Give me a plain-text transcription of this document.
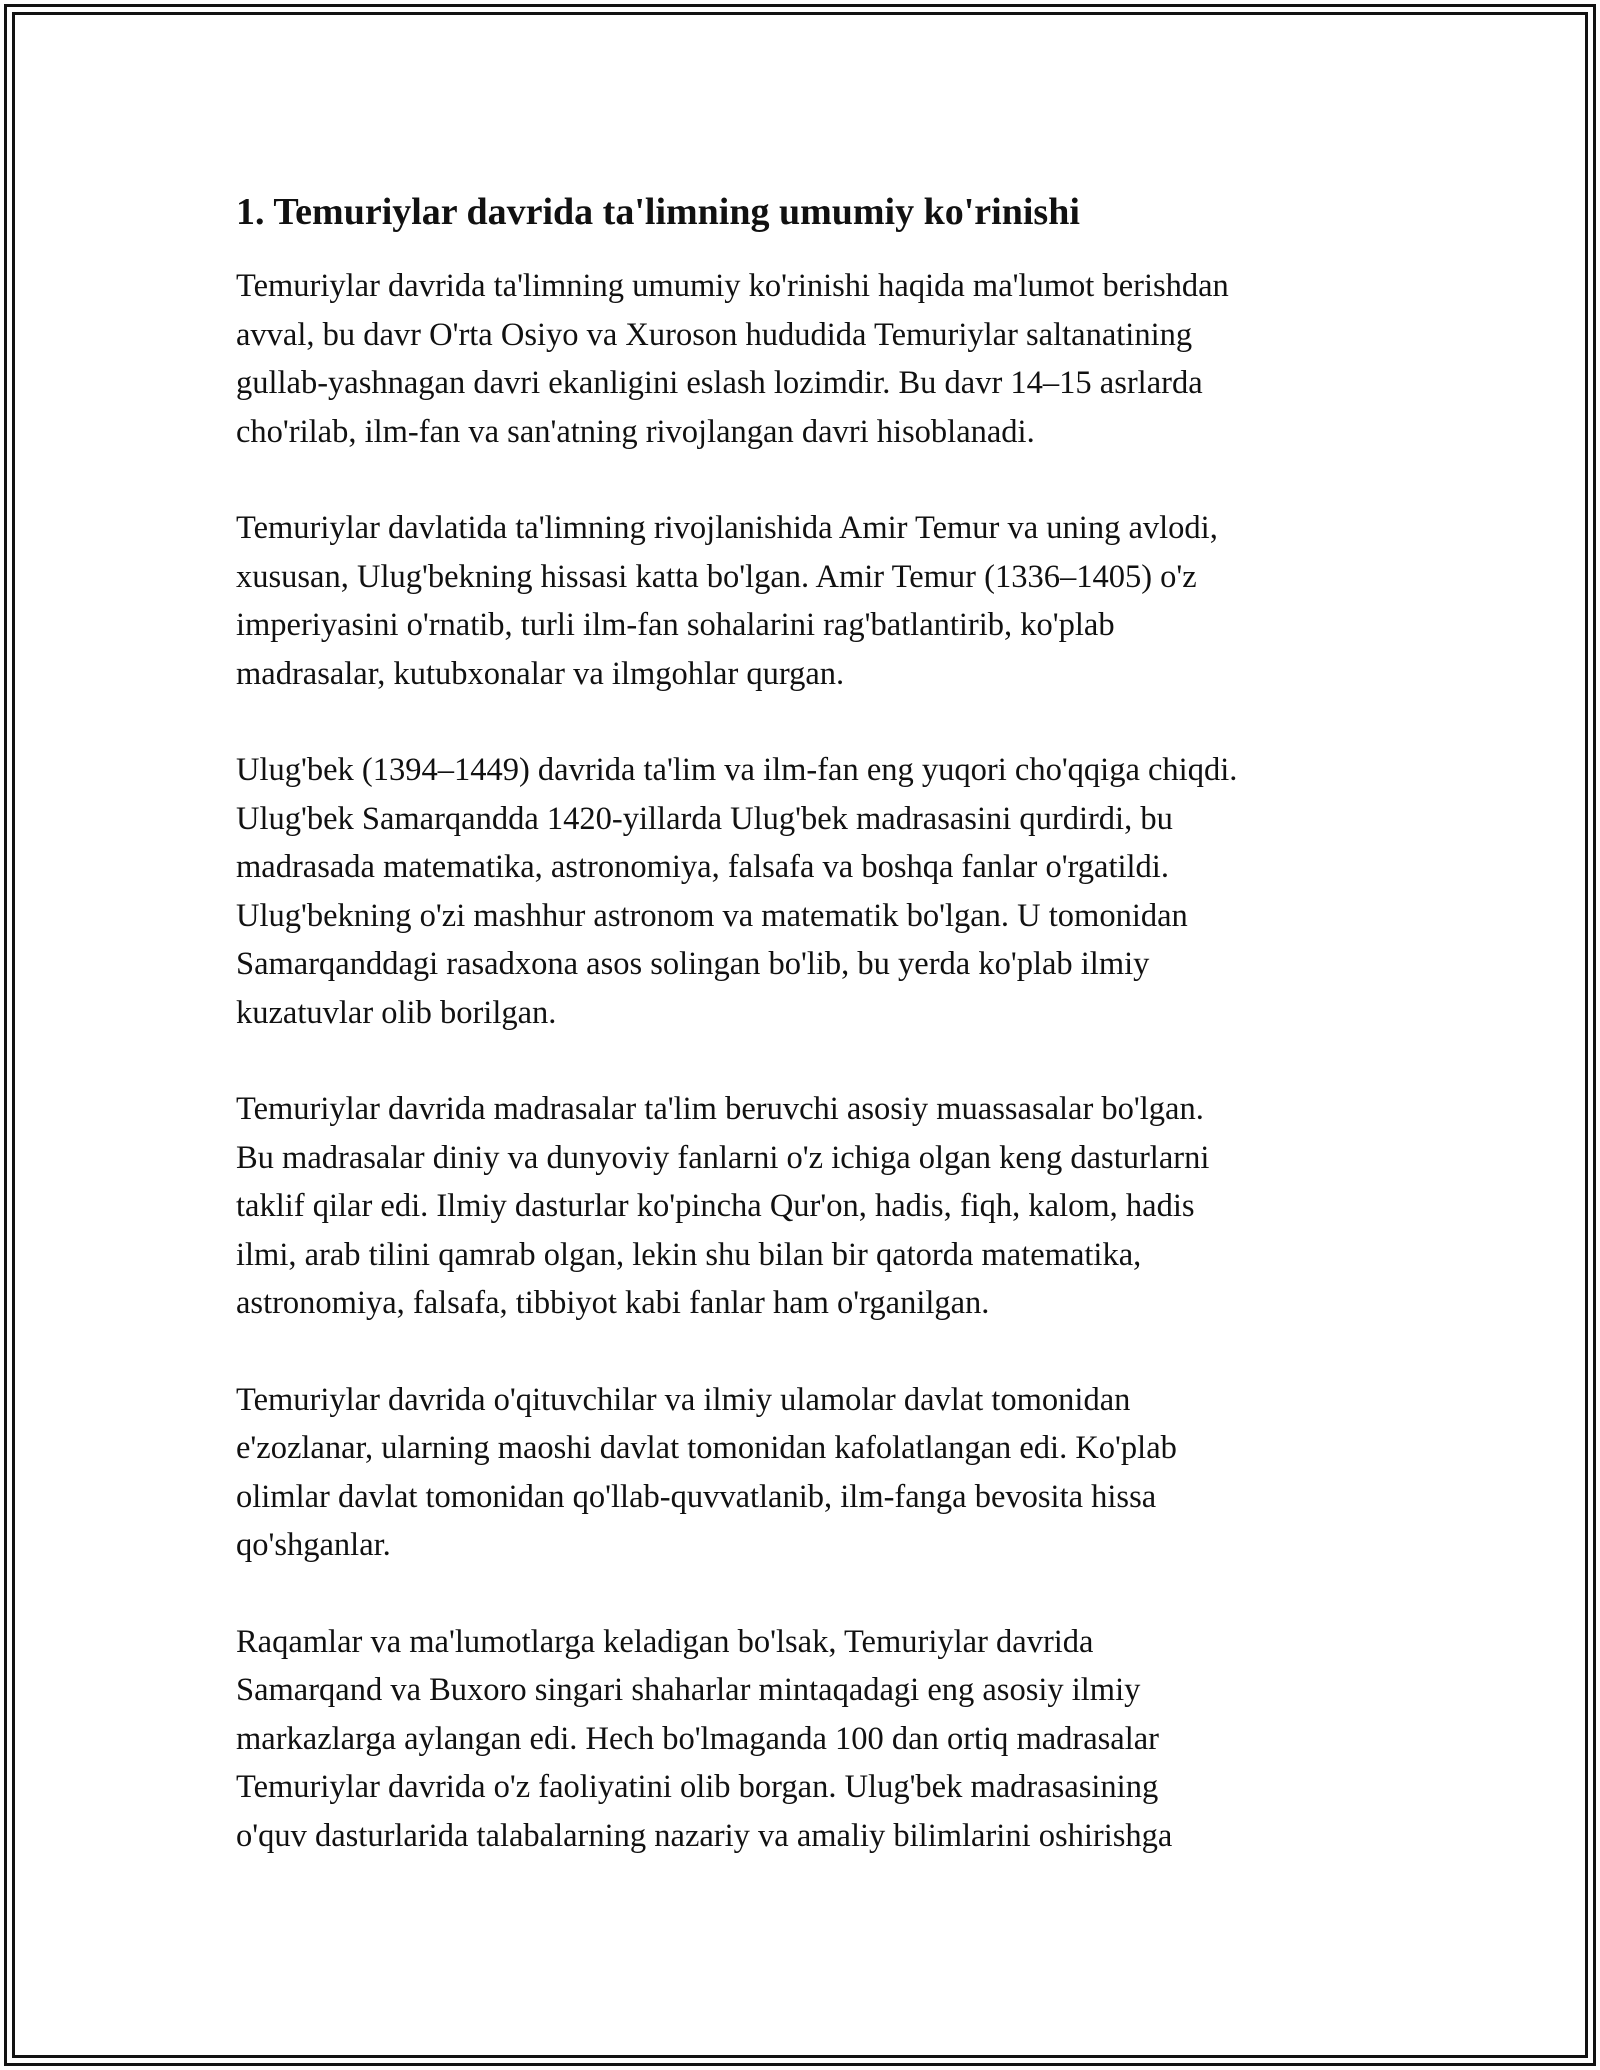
1. Temuriylar davrida ta'limning umumiy ko'rinishi

Temuriylar davrida ta'limning umumiy ko'rinishi haqida ma'lumot berishdan
avval, bu davr O'rta Osiyo va Xuroson hududida Temuriylar saltanatining
gullab-yashnagan davri ekanligini eslash lozimdir. Bu davr 14–15 asrlarda
cho'rilab, ilm-fan va san'atning rivojlangan davri hisoblanadi.

Temuriylar davlatida ta'limning rivojlanishida Amir Temur va uning avlodi,
xususan, Ulug'bekning hissasi katta bo'lgan. Amir Temur (1336–1405) o'z
imperiyasini o'rnatib, turli ilm-fan sohalarini rag'batlantirib, ko'plab
madrasalar, kutubxonalar va ilmgohlar qurgan.

Ulug'bek (1394–1449) davrida ta'lim va ilm-fan eng yuqori cho'qqiga chiqdi.
Ulug'bek Samarqandda 1420-yillarda Ulug'bek madrasasini qurdirdi, bu
madrasada matematika, astronomiya, falsafa va boshqa fanlar o'rgatildi.
Ulug'bekning o'zi mashhur astronom va matematik bo'lgan. U tomonidan
Samarqanddagi rasadxona asos solingan bo'lib, bu yerda ko'plab ilmiy
kuzatuvlar olib borilgan.

Temuriylar davrida madrasalar ta'lim beruvchi asosiy muassasalar bo'lgan.
Bu madrasalar diniy va dunyoviy fanlarni o'z ichiga olgan keng dasturlarni
taklif qilar edi. Ilmiy dasturlar ko'pincha Qur'on, hadis, fiqh, kalom, hadis
ilmi, arab tilini qamrab olgan, lekin shu bilan bir qatorda matematika,
astronomiya, falsafa, tibbiyot kabi fanlar ham o'rganilgan.

Temuriylar davrida o'qituvchilar va ilmiy ulamolar davlat tomonidan
e'zozlanar, ularning maoshi davlat tomonidan kafolatlangan edi. Ko'plab
olimlar davlat tomonidan qo'llab-quvvatlanib, ilm-fanga bevosita hissa
qo'shganlar.

Raqamlar va ma'lumotlarga keladigan bo'lsak, Temuriylar davrida
Samarqand va Buxoro singari shaharlar mintaqadagi eng asosiy ilmiy
markazlarga aylangan edi. Hech bo'lmaganda 100 dan ortiq madrasalar
Temuriylar davrida o'z faoliyatini olib borgan. Ulug'bek madrasasining
o'quv dasturlarida talabalarning nazariy va amaliy bilimlarini oshirishga
